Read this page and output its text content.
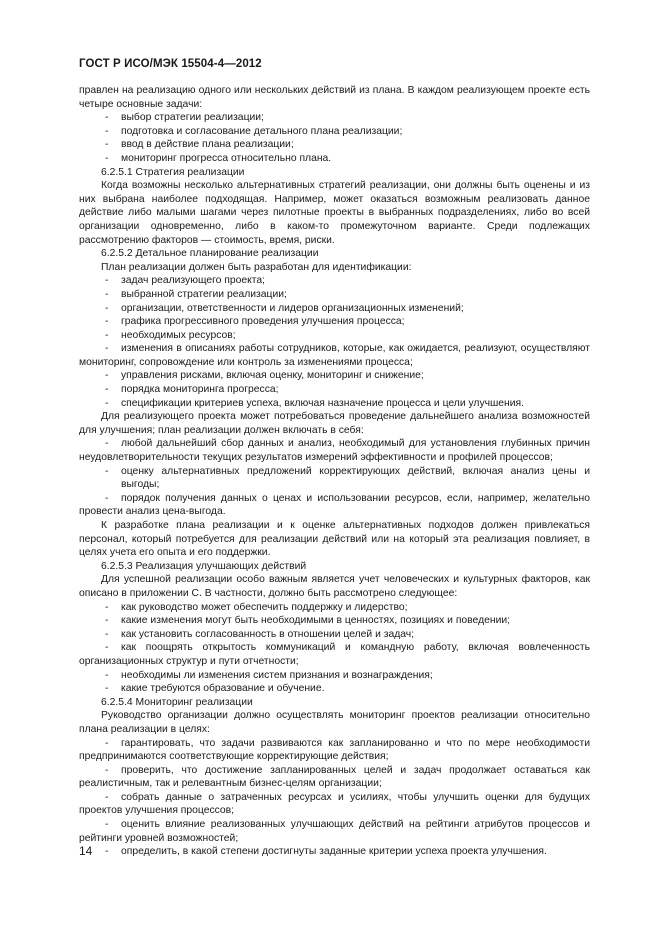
ГОСТ Р ИСО/МЭК 15504-4—2012

правлен на реализацию одного или нескольких действий из плана. В каждом реализующем проекте есть четыре основные задачи:

- выбор стратегии реализации;
- подготовка и согласование детального плана реализации;
- ввод в действие плана реализации;
- мониторинг прогресса относительно плана.

6.2.5.1 Стратегия реализации

Когда возможны несколько альтернативных стратегий реализации, они должны быть оценены и из них выбрана наиболее подходящая. Например, может оказаться возможным реализовать данное действие либо малыми шагами через пилотные проекты в выбранных подразделениях, либо во всей организации одновременно, либо в каком-то промежуточном варианте. Среди подлежащих рассмотрению факторов — стоимость, время, риски.

6.2.5.2 Детальное планирование реализации

План реализации должен быть разработан для идентификации:

- задач реализующего проекта;
- выбранной стратегии реализации;
- организации, ответственности и лидеров организационных изменений;
- графика прогрессивного проведения улучшения процесса;
- необходимых ресурсов;
- изменения в описаниях работы сотрудников, которые, как ожидается, реализуют, осуществляют мониторинг, сопровождение или контроль за изменениями процесса;
- управления рисками, включая оценку, мониторинг и снижение;
- порядка мониторинга прогресса;
- спецификации критериев успеха, включая назначение процесса и цели улучшения.

Для реализующего проекта может потребоваться проведение дальнейшего анализа возможностей для улучшения; план реализации должен включать в себя:

- любой дальнейший сбор данных и анализ, необходимый для установления глубинных причин неудовлетворительности текущих результатов измерений эффективности и профилей процессов;
- оценку альтернативных предложений корректирующих действий, включая анализ цены и выгоды;
- порядок получения данных о ценах и использовании ресурсов, если, например, желательно провести анализ цена-выгода.

К разработке плана реализации и к оценке альтернативных подходов должен привлекаться персонал, который потребуется для реализации действий или на который эта реализация повлияет, в целях учета его опыта и его поддержки.

6.2.5.3 Реализация улучшающих действий

Для успешной реализации особо важным является учет человеческих и культурных факторов, как описано в приложении C. В частности, должно быть рассмотрено следующее:

- как руководство может обеспечить поддержку и лидерство;
- какие изменения могут быть необходимыми в ценностях, позициях и поведении;
- как установить согласованность в отношении целей и задач;
- как поощрять открытость коммуникаций и командную работу, включая вовлеченность организационных структур и пути отчетности;
- необходимы ли изменения систем признания и вознаграждения;
- какие требуются образование и обучение.

6.2.5.4 Мониторинг реализации

Руководство организации должно осуществлять мониторинг проектов реализации относительно плана реализации в целях:

- гарантировать, что задачи развиваются как запланированно и что по мере необходимости предпринимаются соответствующие корректирующие действия;
- проверить, что достижение запланированных целей и задач продолжает оставаться как реалистичным, так и релевантным бизнес-целям организации;
- собрать данные о затраченных ресурсах и усилиях, чтобы улучшить оценки для будущих проектов улучшения процессов;
- оценить влияние реализованных улучшающих действий на рейтинги атрибутов процессов и рейтинги уровней возможностей;
- определить, в какой степени достигнуты заданные критерии успеха проекта улучшения.
14
